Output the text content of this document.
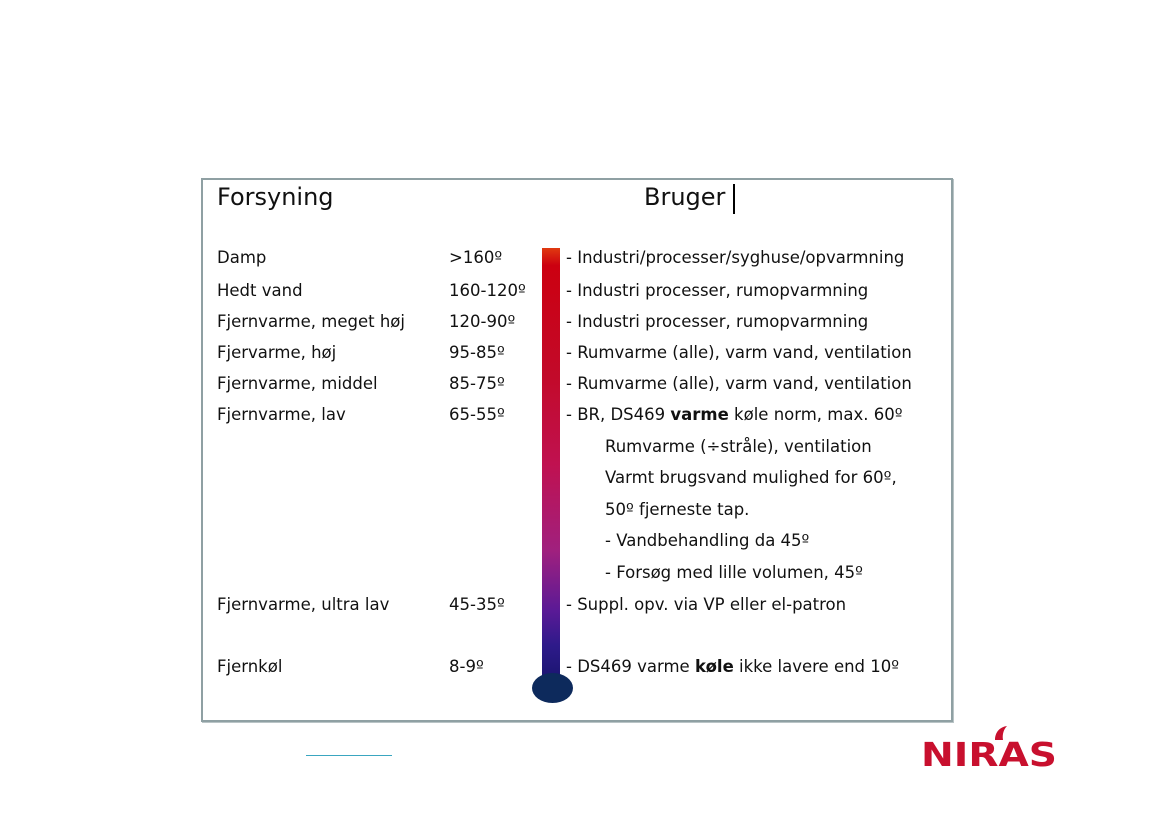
Forsyning	Bruger
Damp	>160º	- Industri/processer/syghuse/opvarmning
Hedt vand	160-120º - Industri processer, rumopvarmning
Fjernvarme, meget høj	120-90º	- Industri processer, rumopvarmning
Fjervarme, høj	95-85º	- Rumvarme (alle), varm vand, ventilation
Fjernvarme, middel	85-75º	- Rumvarme (alle), varm vand, ventilation
Fjernvarme, lav	65-55º	- BR, DS469 varme køle norm, max. 60º
Rumvarme (÷stråle), ventilation
Varmt brugsvand mulighed for 60º,
50º fjerneste tap.
- Vandbehandling da 45º
- Forsøg med lille volumen, 45º
Fjernvarme, ultra lav	45-35º	- Suppl. opv. via VP eller el-patron
Fjernkøl	8-9º	- DS469 varme køle ikke lavere end 10º
NIRAS
